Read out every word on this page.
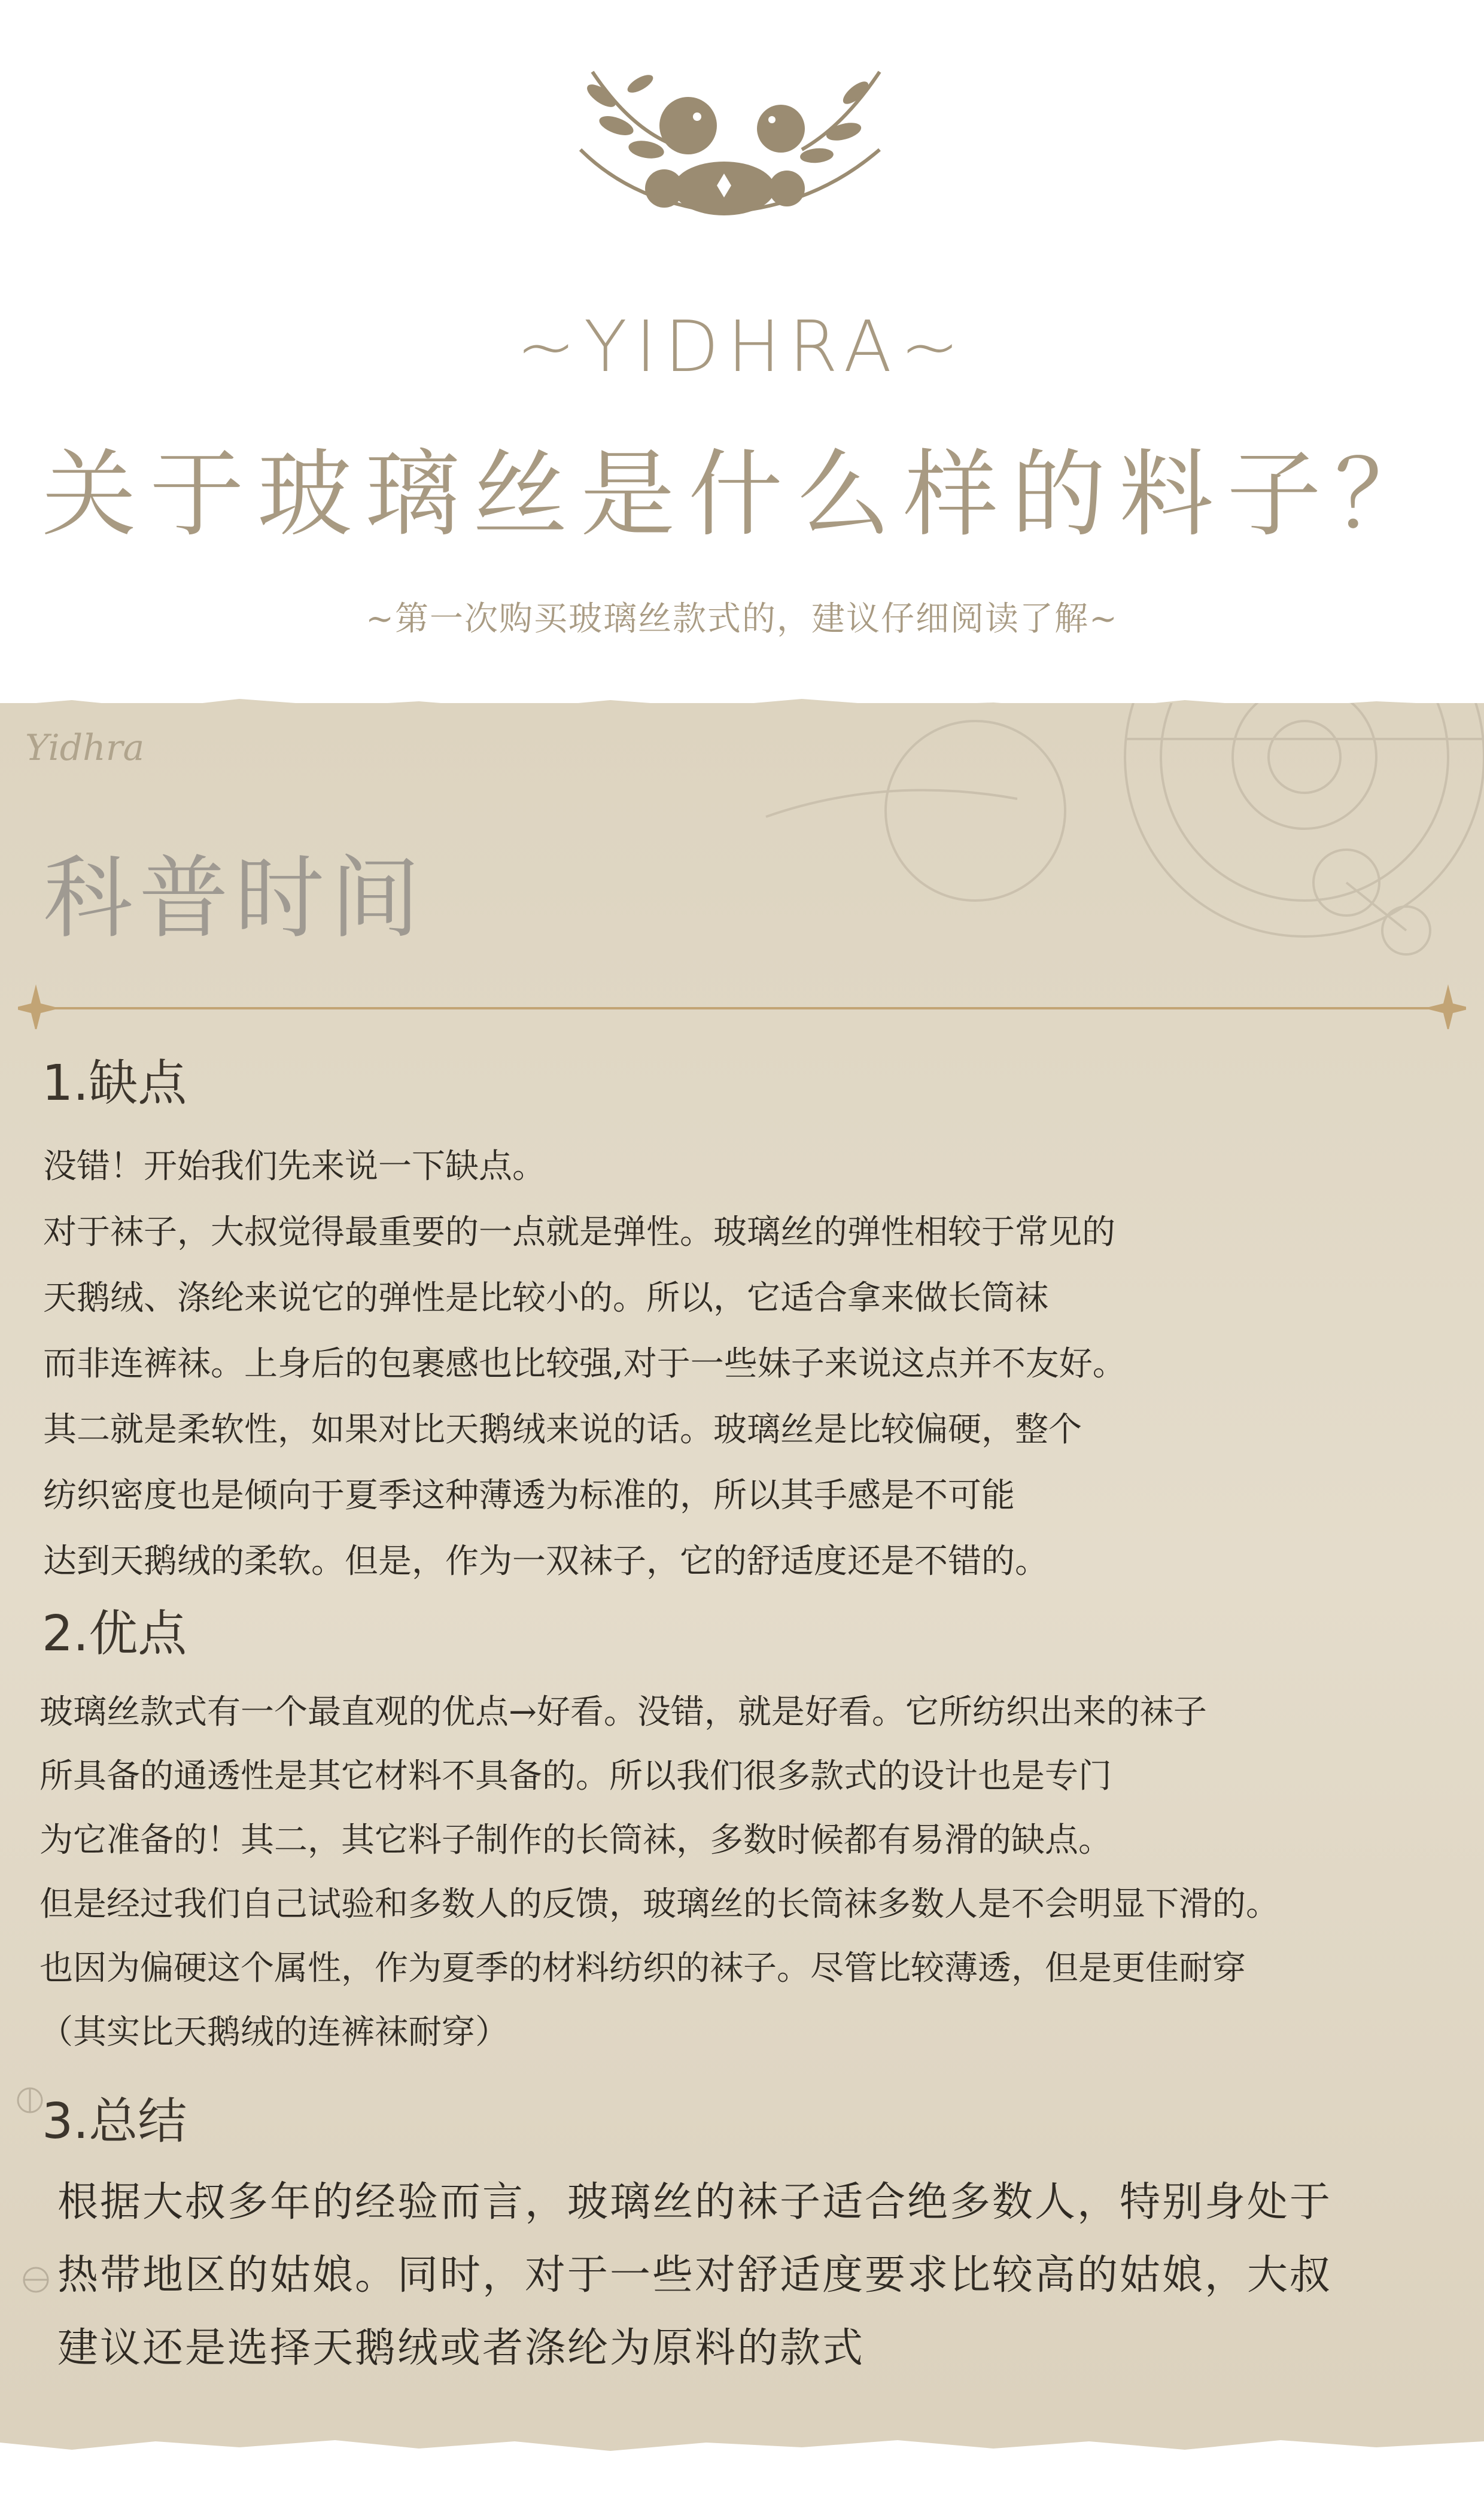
~YIDHRA~
关于玻璃丝是什么样的料子？
~第一次购买玻璃丝款式的，建议仔细阅读了解~
Yidhra
科普时间
1.缺点
没错！开始我们先来说一下缺点。
对于袜子，大叔觉得最重要的一点就是弹性。玻璃丝的弹性相较于常见的
天鹅绒、涤纶来说它的弹性是比较小的。所以，它适合拿来做长筒袜
而非连裤袜。上身后的包裹感也比较强,对于一些妹子来说这点并不友好。
其二就是柔软性，如果对比天鹅绒来说的话。玻璃丝是比较偏硬，整个
纺织密度也是倾向于夏季这种薄透为标准的，所以其手感是不可能
达到天鹅绒的柔软。但是，作为一双袜子，它的舒适度还是不错的。
2.优点
玻璃丝款式有一个最直观的优点→好看。没错，就是好看。它所纺织出来的袜子
所具备的通透性是其它材料不具备的。所以我们很多款式的设计也是专门
为它准备的！其二，其它料子制作的长筒袜，多数时候都有易滑的缺点。
但是经过我们自己试验和多数人的反馈，玻璃丝的长筒袜多数人是不会明显下滑的。
也因为偏硬这个属性，作为夏季的材料纺织的袜子。尽管比较薄透，但是更佳耐穿
（其实比天鹅绒的连裤袜耐穿）
3.总结
根据大叔多年的经验而言，玻璃丝的袜子适合绝多数人，特别身处于
热带地区的姑娘。同时，对于一些对舒适度要求比较高的姑娘，大叔
建议还是选择天鹅绒或者涤纶为原料的款式
